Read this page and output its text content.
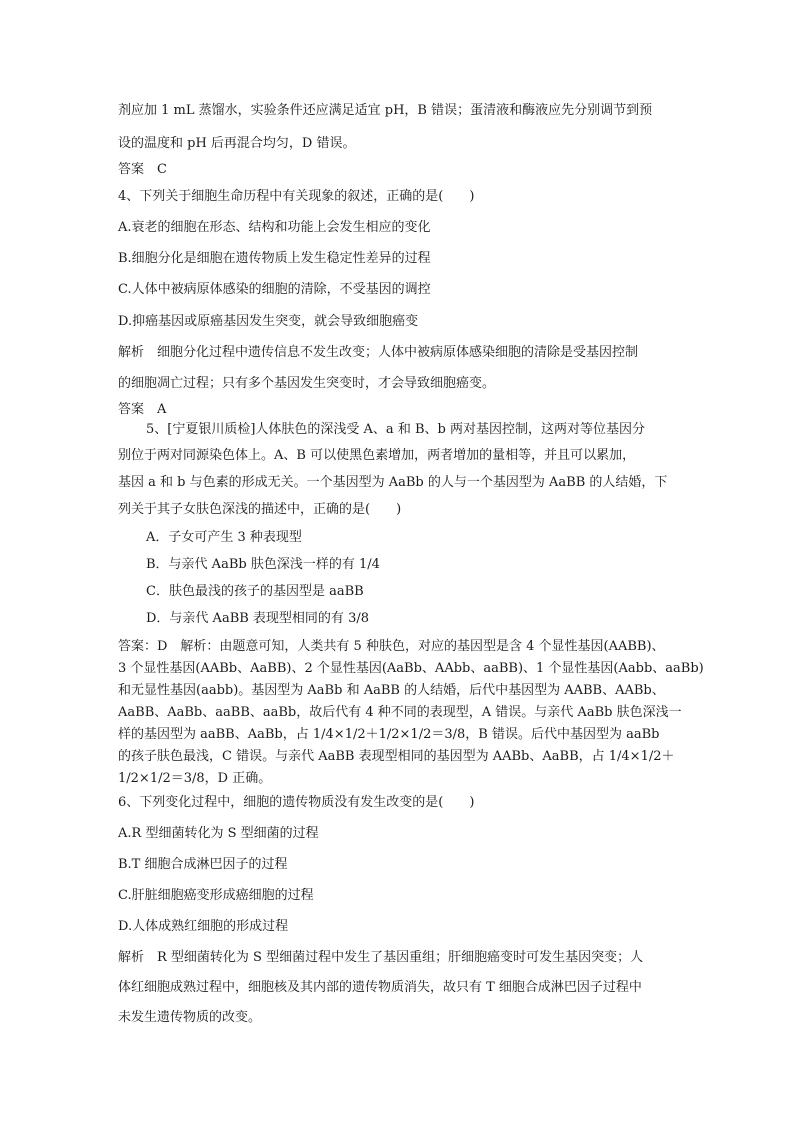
剂应加 1 mL 蒸馏水，实验条件还应满足适宜 pH，B 错误；蛋清液和酶液应先分别调节到预
设的温度和 pH 后再混合均匀，D 错误。
答案　C
4、下列关于细胞生命历程中有关现象的叙述，正确的是(　　)
A.衰老的细胞在形态、结构和功能上会发生相应的变化
B.细胞分化是细胞在遗传物质上发生稳定性差异的过程
C.人体中被病原体感染的细胞的清除，不受基因的调控
D.抑癌基因或原癌基因发生突变，就会导致细胞癌变
解析　细胞分化过程中遗传信息不发生改变；人体中被病原体感染细胞的清除是受基因控制
的细胞凋亡过程；只有多个基因发生突变时，才会导致细胞癌变。
答案　A
5、[宁夏银川质检]人体肤色的深浅受 A、a 和 B、b 两对基因控制，这两对等位基因分
别位于两对同源染色体上。A、B 可以使黑色素增加，两者增加的量相等，并且可以累加，
基因 a 和 b 与色素的形成无关。一个基因型为 AaBb 的人与一个基因型为 AaBB 的人结婚，下
列关于其子女肤色深浅的描述中，正确的是(　　)
A．子女可产生 3 种表现型
B．与亲代 AaBb 肤色深浅一样的有 1/4
C．肤色最浅的孩子的基因型是 aaBB
D．与亲代 AaBB 表现型相同的有 3/8
答案：D　解析：由题意可知，人类共有 5 种肤色，对应的基因型是含 4 个显性基因(AABB)、
3 个显性基因(AABb、AaBB)、2 个显性基因(AaBb、AAbb、aaBB)、1 个显性基因(Aabb、aaBb)
和无显性基因(aabb)。基因型为 AaBb 和 AaBB 的人结婚，后代中基因型为 AABB、AABb、
AaBB、AaBb、aaBB、aaBb，故后代有 4 种不同的表现型，A 错误。与亲代 AaBb 肤色深浅一
样的基因型为 aaBB、AaBb，占 1/4×1/2＋1/2×1/2＝3/8，B 错误。后代中基因型为 aaBb
的孩子肤色最浅，C 错误。与亲代 AaBB 表现型相同的基因型为 AABb、AaBB，占 1/4×1/2＋
1/2×1/2＝3/8，D 正确。
6、下列变化过程中，细胞的遗传物质没有发生改变的是(　　)
A.R 型细菌转化为 S 型细菌的过程
B.T 细胞合成淋巴因子的过程
C.肝脏细胞癌变形成癌细胞的过程
D.人体成熟红细胞的形成过程
解析　R 型细菌转化为 S 型细菌过程中发生了基因重组；肝细胞癌变时可发生基因突变；人
体红细胞成熟过程中，细胞核及其内部的遗传物质消失，故只有 T 细胞合成淋巴因子过程中
未发生遗传物质的改变。
